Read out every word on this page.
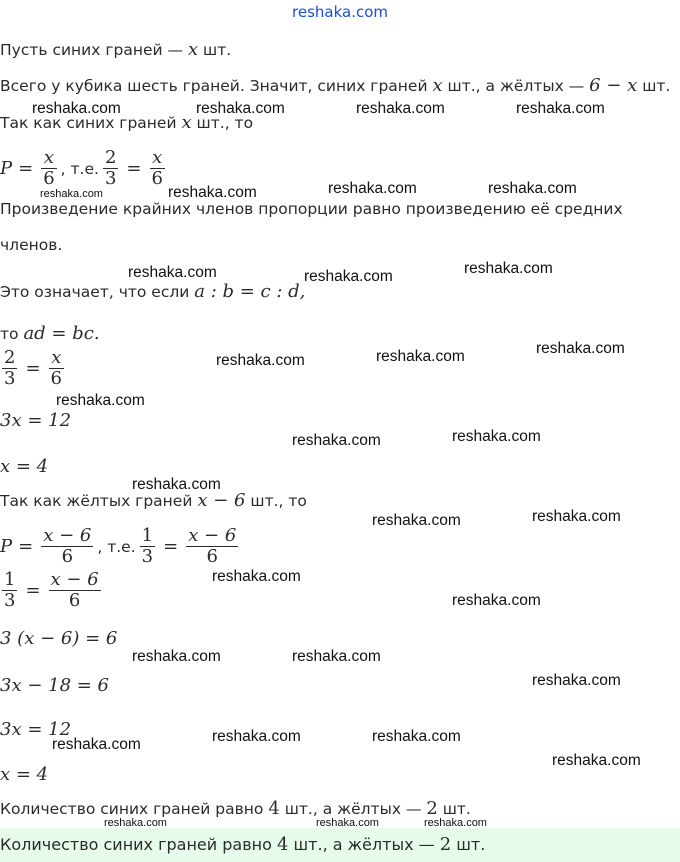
reshaka.com
Пусть синих граней — x шт.
Всего у кубика шесть граней. Значит, синих граней x шт., а жёлтых — 6 − x шт.
Так как синих граней x шт., то
$P = \frac{x}{6}$ , т.е. $\frac{2}{3} = \frac{x}{6}$
Произведение крайних членов пропорции равно произведению её средних
членов.
Это означает, что если a : b = c : d,
то ad = bc.
$\frac{2}{3} = \frac{x}{6}$
3x = 12
x = 4
Так как жёлтых граней x − 6 шт., то
$P = \frac{x - 6}{6}$ , т.е. $\frac{1}{3} = \frac{x - 6}{6}$
$\frac{1}{3} = \frac{x - 6}{6}$
3 (x − 6) = 6
3x − 18 = 6
3x = 12
x = 4
Количество синих граней равно 4 шт., а жёлтых — 2 шт.
Количество синих граней равно 4 шт., а жёлтых — 2 шт.
reshaka.com	reshaka.com	reshaka.com	reshaka.com
reshaka.com	reshaka.com	reshaka.com	reshaka.com
reshaka.com	reshaka.com	reshaka.com
reshaka.com	reshaka.com	reshaka.com
reshaka.com
reshaka.com	reshaka.com
reshaka.com
reshaka.com	reshaka.com
reshaka.com
reshaka.com
reshaka.com	reshaka.com
reshaka.com
reshaka.com	reshaka.com
reshaka.com
reshaka.com
reshaka.com	reshaka.com	reshaka.com
